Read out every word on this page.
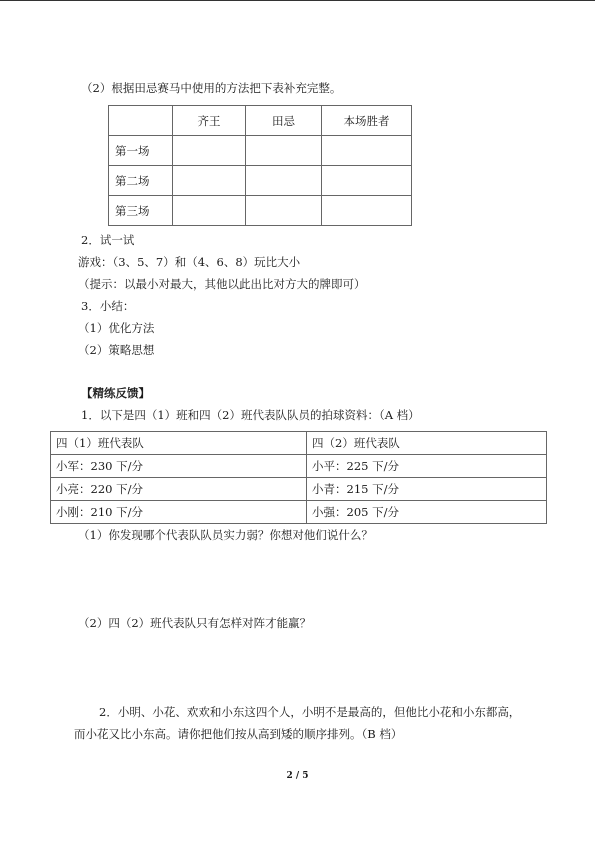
（2）根据田忌赛马中使用的方法把下表补充完整。
	齐王	田忌	本场胜者
第一场			
第二场			
第三场			
2．试一试
游戏：（3、5、7）和（4、6、8）玩比大小
（提示：以最小对最大，其他以此出比对方大的牌即可）
3．小结：
（1）优化方法
（2）策略思想
【精练反馈】
1．以下是四（1）班和四（2）班代表队队员的拍球资料：（A 档）
四（1）班代表队	四（2）班代表队
小军：230 下/分	小平：225 下/分
小亮：220 下/分	小青：215 下/分
小刚：210 下/分	小强：205 下/分
（1）你发现哪个代表队队员实力弱？你想对他们说什么？
（2）四（2）班代表队只有怎样对阵才能赢？
2．小明、小花、欢欢和小东这四个人，小明不是最高的，但他比小花和小东都高，
而小花又比小东高。请你把他们按从高到矮的顺序排列。（B 档）
2 / 5
